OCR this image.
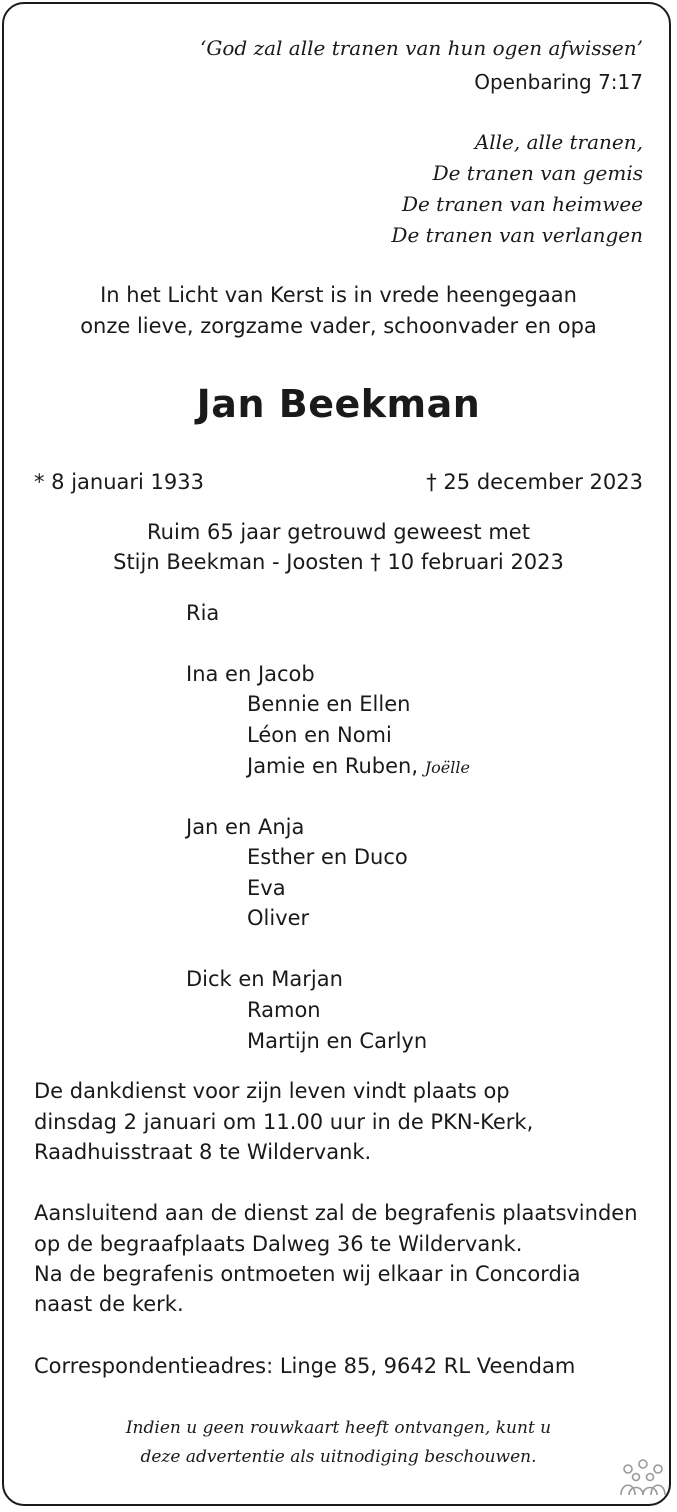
‘God zal alle tranen van hun ogen afwissen’
Openbaring 7:17
Alle, alle tranen,
De tranen van gemis
De tranen van heimwee
De tranen van verlangen
In het Licht van Kerst is in vrede heengegaan
onze lieve, zorgzame vader, schoonvader en opa
Jan Beekman
* 8 januari 1933	† 25 december 2023
Ruim 65 jaar getrouwd geweest met
Stijn Beekman - Joosten † 10 februari 2023
Ria
Ina en Jacob
Bennie en Ellen
Léon en Nomi
Jamie en Ruben, Joëlle
Jan en Anja
Esther en Duco
Eva
Oliver
Dick en Marjan
Ramon
Martijn en Carlyn
De dankdienst voor zijn leven vindt plaats op
dinsdag 2 januari om 11.00 uur in de PKN-Kerk,
Raadhuisstraat 8 te Wildervank.
Aansluitend aan de dienst zal de begrafenis plaatsvinden
op de begraafplaats Dalweg 36 te Wildervank.
Na de begrafenis ontmoeten wij elkaar in Concordia
naast de kerk.
Correspondentieadres: Linge 85, 9642 RL Veendam
Indien u geen rouwkaart heeft ontvangen, kunt u
deze advertentie als uitnodiging beschouwen.
